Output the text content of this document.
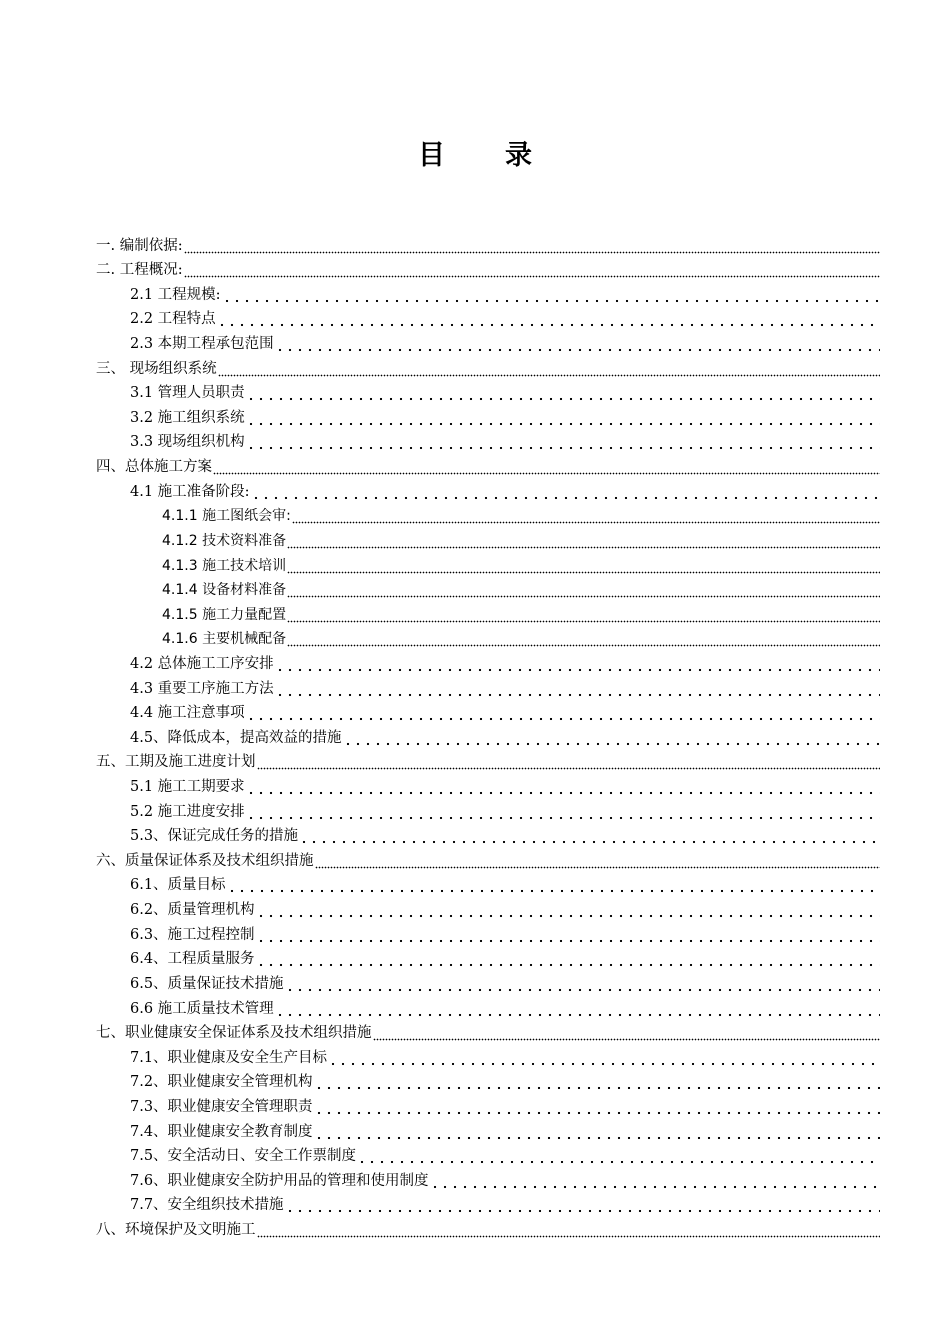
目录
一. 编制依据:
二. 工程概况:
2.1 工程规模:
2.2 工程特点
2.3 本期工程承包范围
三、 现场组织系统
3.1 管理人员职责
3.2 施工组织系统
3.3 现场组织机构
四、总体施工方案
4.1 施工准备阶段:
4.1.1 施工图纸会审:
4.1.2 技术资料准备
4.1.3 施工技术培训
4.1.4 设备材料准备
4.1.5 施工力量配置
4.1.6 主要机械配备
4.2 总体施工工序安排
4.3 重要工序施工方法
4.4 施工注意事项
4.5、降低成本，提高效益的措施
五、工期及施工进度计划
5.1 施工工期要求
5.2 施工进度安排
5.3、保证完成任务的措施
六、质量保证体系及技术组织措施
6.1、质量目标
6.2、质量管理机构
6.3、施工过程控制
6.4、工程质量服务
6.5、质量保证技术措施
6.6 施工质量技术管理
七、职业健康安全保证体系及技术组织措施
7.1、职业健康及安全生产目标
7.2、职业健康安全管理机构
7.3、职业健康安全管理职责
7.4、职业健康安全教育制度
7.5、安全活动日、安全工作票制度
7.6、职业健康安全防护用品的管理和使用制度
7.7、安全组织技术措施
八、环境保护及文明施工
